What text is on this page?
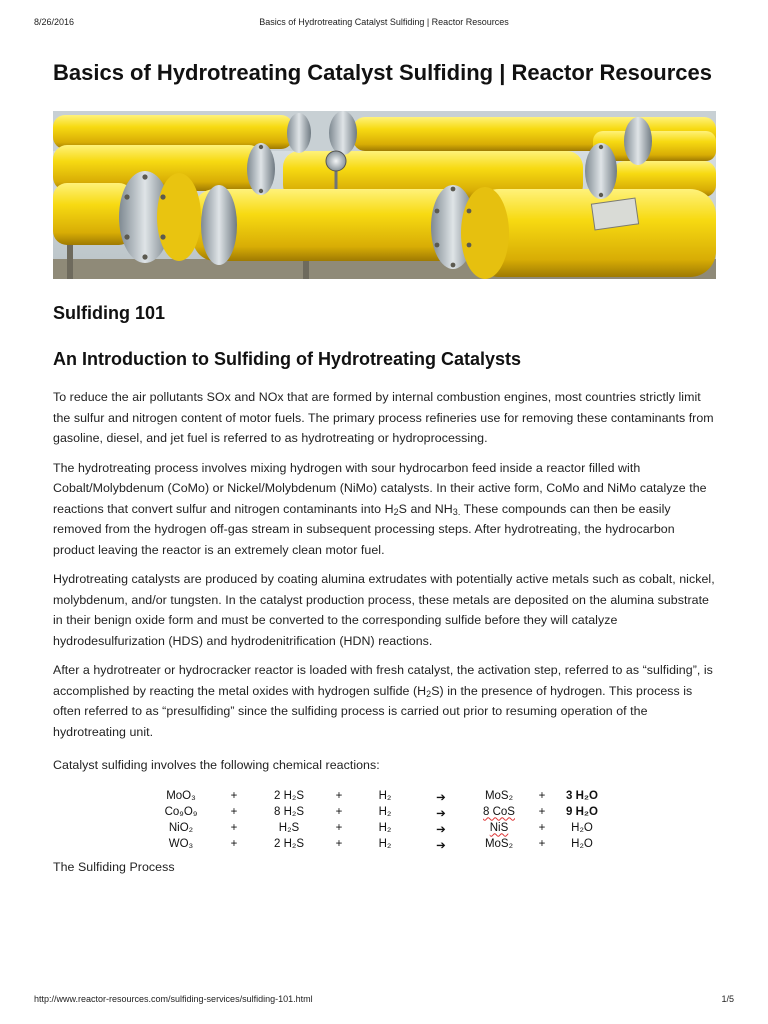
8/26/2016	Basics of Hydrotreating Catalyst Sulfiding | Reactor Resources
Basics of Hydrotreating Catalyst Sulfiding | Reactor Resources
Sulfiding 101
An Introduction to Sulfiding of Hydrotreating Catalysts

To reduce the air pollutants SOx and NOx that are formed by internal combustion engines, most countries strictly limit the sulfur and nitrogen content of motor fuels. The primary process refineries use for removing these contaminants from gasoline, diesel, and jet fuel is referred to as hydrotreating or hydroprocessing.

The hydrotreating process involves mixing hydrogen with sour hydrocarbon feed inside a reactor filled with Cobalt/Molybdenum (CoMo) or Nickel/Molybdenum (NiMo) catalysts. In their active form, CoMo and NiMo catalyze the reactions that convert sulfur and nitrogen contaminants into $H_2S$ and $NH_{3.}$ These compounds can then be easily removed from the hydrogen off-gas stream in subsequent processing steps. After hydrotreating, the hydrocarbon product leaving the reactor is an extremely clean motor fuel.

Hydrotreating catalysts are produced by coating alumina extrudates with potentially active metals such as cobalt, nickel, molybdenum, and/or tungsten. In the catalyst production process, these metals are deposited on the alumina substrate in their benign oxide form and must be converted to the corresponding sulfide before they will catalyze hydrodesulfurization (HDS) and hydrodenitrification (HDN) reactions.

After a hydrotreater or hydrocracker reactor is loaded with fresh catalyst, the activation step, referred to as “sulfiding”, is accomplished by reacting the metal oxides with hydrogen sulfide $(H_2S)$ in the presence of hydrogen. This process is often referred to as “presulfiding” since the sulfiding process is carried out prior to resuming operation of the hydrotreating unit.

Catalyst sulfiding involves the following chemical reactions:

MoO₃	+	2 H₂S	+	H₂	➔	MoS₂	+	3 H₂O
Co₉O₉	+	8 H₂S	+	H₂	➔	8 CoS	+	9 H₂O
NiO₂	+	H₂S	+	H₂	➔	NiS	+	H₂O
WO₃	+	2 H₂S	+	H₂	➔	MoS₂	+	H₂O

The Sulfiding Process

http://www.reactor-resources.com/sulfiding-services/sulfiding-101.html	1/5
